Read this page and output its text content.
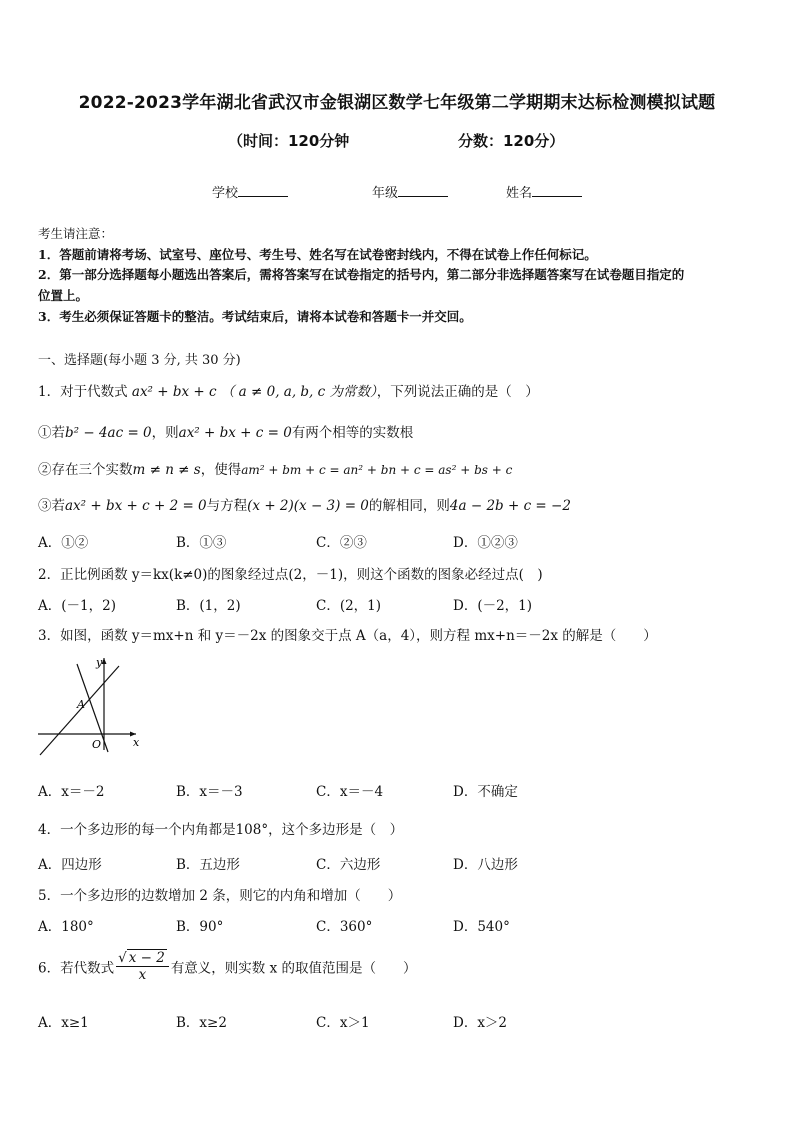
2022-2023学年湖北省武汉市金银湖区数学七年级第二学期期末达标检测模拟试题
（时间：120分钟	分数：120分）
学校	年级	姓名
考生请注意：
1．答题前请将考场、试室号、座位号、考生号、姓名写在试卷密封线内，不得在试卷上作任何标记。
2．第一部分选择题每小题选出答案后，需将答案写在试卷指定的括号内，第二部分非选择题答案写在试卷题目指定的
位置上。
3．考生必须保证答题卡的整洁。考试结束后，请将本试卷和答题卡一并交回。
一、选择题(每小题 3 分, 共 30 分)
1．对于代数式 ax² + bx + c （ a ≠ 0, a, b, c 为常数），下列说法正确的是（　）
①若b² − 4ac = 0，则ax² + bx + c = 0有两个相等的实数根
②存在三个实数m ≠ n ≠ s，使得am² + bm + c = an² + bn + c = as² + bs + c
③若ax² + bx + c + 2 = 0与方程(x + 2)(x − 3) = 0的解相同，则4a − 2b + c = −2
A．①②	B．①③	C．②③	D．①②③
2．正比例函数 y＝kx(k≠0)的图象经过点(2，－1)，则这个函数的图象必经过点(　)
A．(－1，2)	B．(1，2)	C．(2，1)	D．(－2，1)
3．如图，函数 y＝mx+n 和 y＝－2x 的图象交于点 A（a，4），则方程 mx+n＝－2x 的解是（　　）
y
x
O
A
A．x＝－2	B．x＝－3	C．x＝－4	D．不确定
4．一个多边形的每一个内角都是108°，这个多边形是（　）
A．四边形	B．五边形	C．六边形	D．八边形
5．一个多边形的边数增加 2 条，则它的内角和增加（　　）
A．180°	B．90°	C．360°	D．540°
6．若代数式 $\frac{√ x - 2}{x}$ 有意义，则实数 x 的取值范围是（　　）
A．x≥1	B．x≥2	C．x＞1	D．x＞2
